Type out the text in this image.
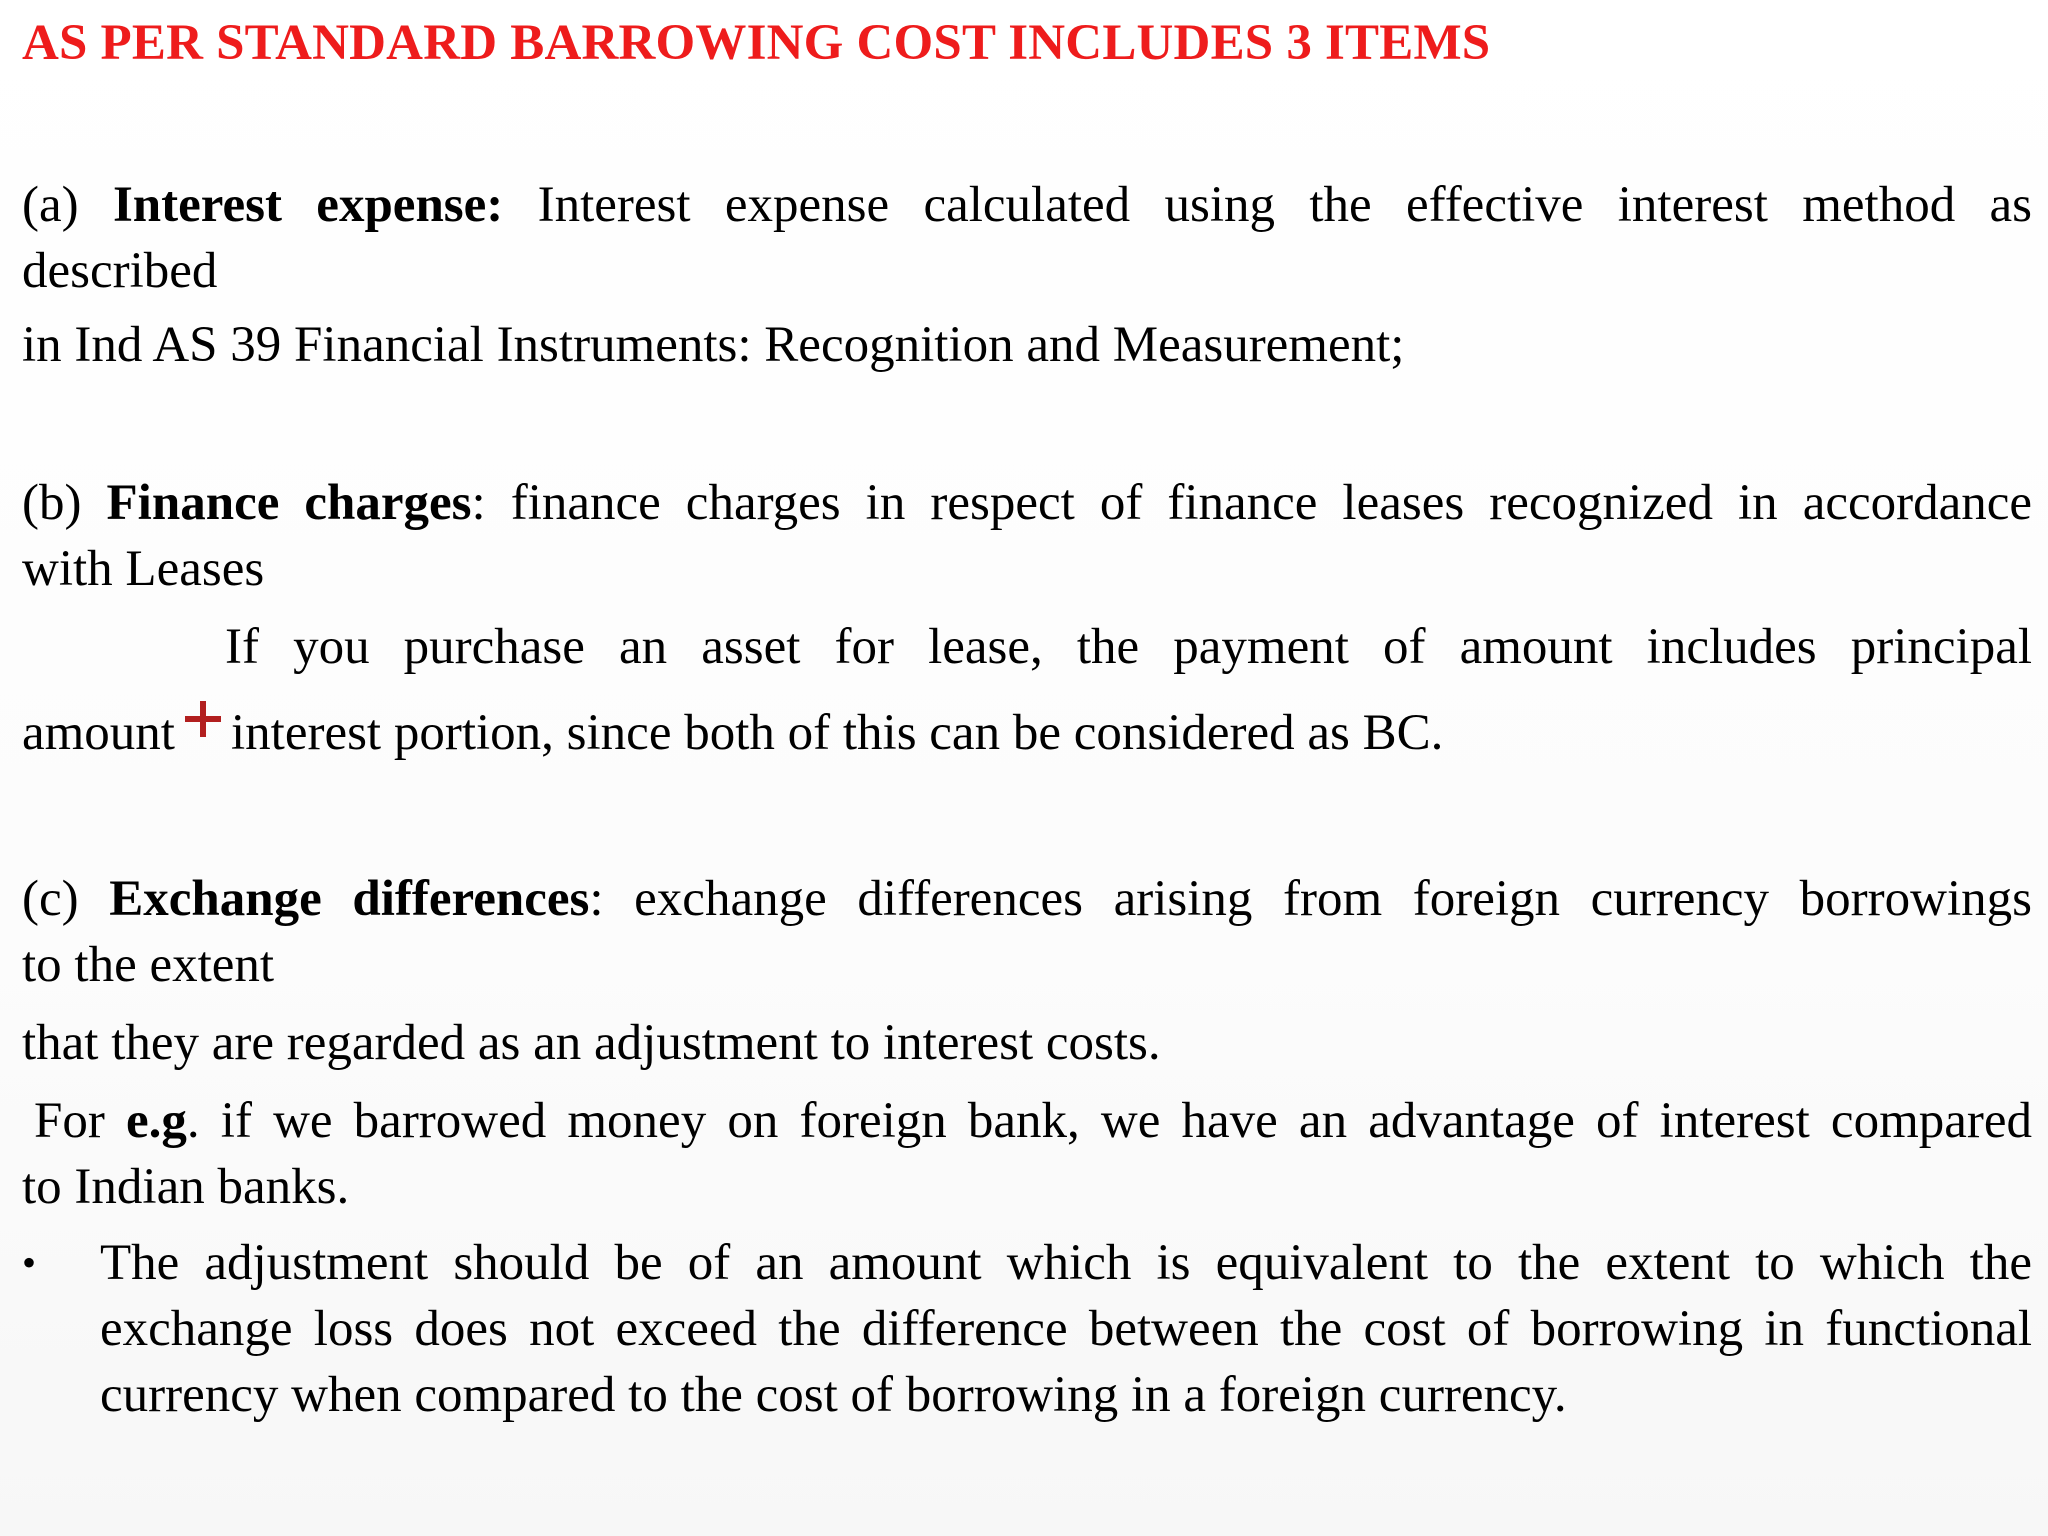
AS PER STANDARD BARROWING COST INCLUDES 3 ITEMS
(a) Interest expense: Interest expense calculated using the effective interest method as
described
in Ind AS 39 Financial Instruments: Recognition and Measurement;
(b) Finance charges: finance charges in respect of finance leases recognized in accordance
with Leases
If you purchase an asset for lease, the payment of amount includes principal
amount interest portion, since both of this can be considered as BC.
(c) Exchange differences: exchange differences arising from foreign currency borrowings
to the extent
that they are regarded as an adjustment to interest costs.
For e.g. if we barrowed money on foreign bank, we have an advantage of interest compared
to Indian banks.
•	The adjustment should be of an amount which is equivalent to the extent to which the exchange loss does not exceed the difference between the cost of borrowing in functional currency when compared to the cost of borrowing in a foreign currency.
